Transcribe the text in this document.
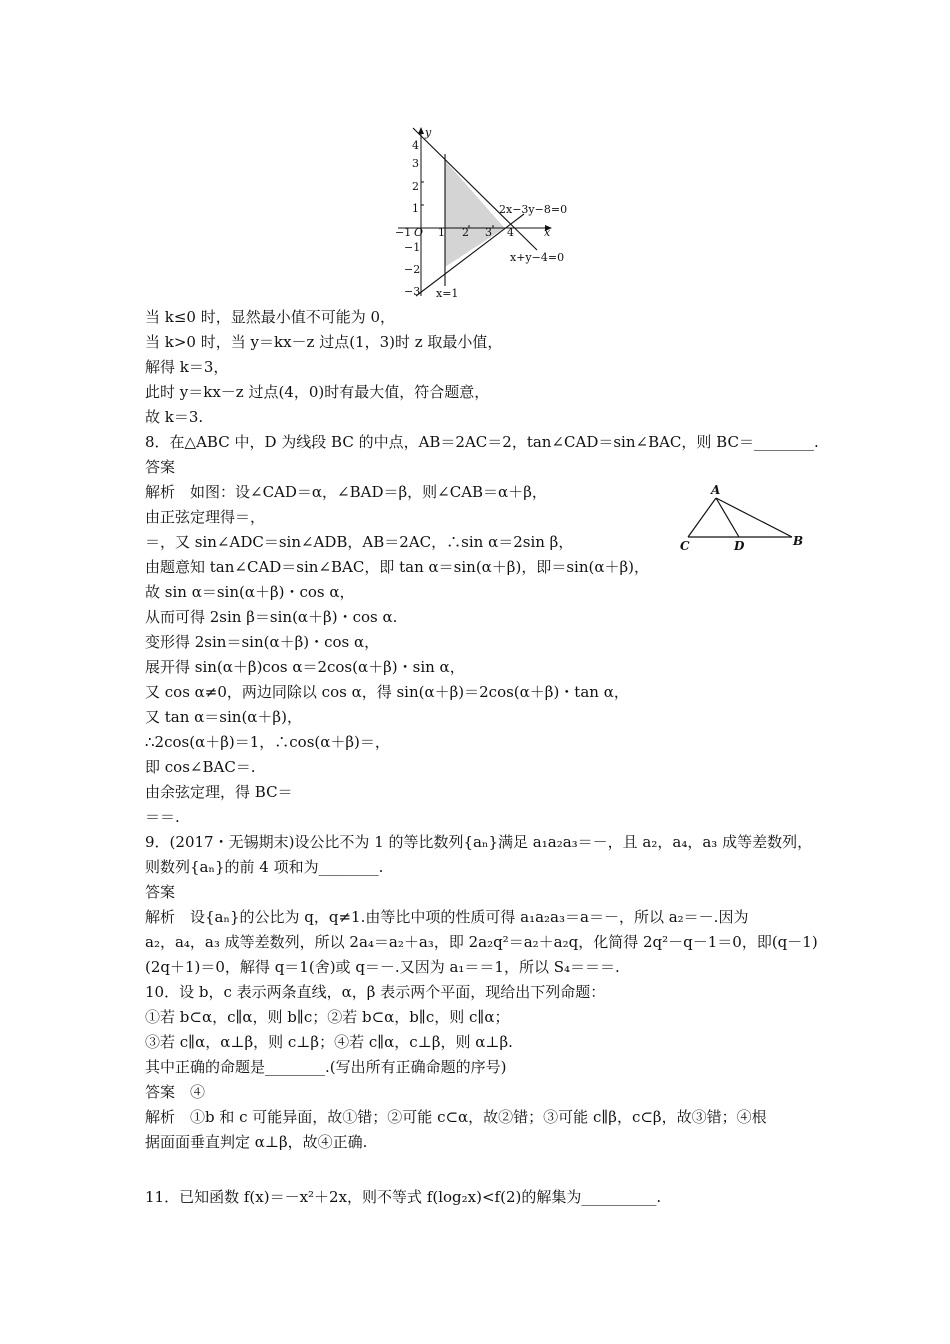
−1 O 1 2 3 4	x
y
4
3
2
1
−1
−2
−3
2x−3y−8=0
x+y−4=0
x=1
A
C	D	B
当 k≤0 时，显然最小值不可能为 0，
当 k>0 时，当 y＝kx－z 过点(1，3)时 z 取最小值，
解得 k＝3，
此时 y＝kx－z 过点(4，0)时有最大值，符合题意，
故 k＝3.
8．在△ABC 中，D 为线段 BC 的中点，AB＝2AC＝2，tan∠CAD＝sin∠BAC，则 BC＝________.
答案
解析　如图：设∠CAD＝α，∠BAD＝β，则∠CAB＝α＋β，
由正弦定理得＝，
＝，又 sin∠ADC＝sin∠ADB，AB＝2AC，∴sin α＝2sin β，
由题意知 tan∠CAD＝sin∠BAC，即 tan α＝sin(α＋β)，即＝sin(α＋β)，
故 sin α＝sin(α＋β)・cos α，
从而可得 2sin β＝sin(α＋β)・cos α.
变形得 2sin＝sin(α＋β)・cos α，
展开得 sin(α＋β)cos α＝2cos(α＋β)・sin α，
又 cos α≠0，两边同除以 cos α，得 sin(α＋β)＝2cos(α＋β)・tan α，
又 tan α＝sin(α＋β)，
∴2cos(α＋β)＝1，∴cos(α＋β)＝，
即 cos∠BAC＝.
由余弦定理，得 BC＝
＝＝.
9．(2017・无锡期末)设公比不为 1 的等比数列{aₙ}满足 a₁a₂a₃＝－，且 a₂，a₄，a₃ 成等差数列，
则数列{aₙ}的前 4 项和为________.
答案
解析　设{aₙ}的公比为 q，q≠1.由等比中项的性质可得 a₁a₂a₃＝a＝－，所以 a₂＝－.因为
a₂，a₄，a₃ 成等差数列，所以 2a₄＝a₂＋a₃，即 2a₂q²＝a₂＋a₂q，化简得 2q²－q－1＝0，即(q－1)
(2q＋1)＝0，解得 q＝1(舍)或 q＝－.又因为 a₁＝＝1，所以 S₄＝＝＝.
10．设 b，c 表示两条直线，α，β 表示两个平面，现给出下列命题：
①若 b⊂α，c∥α，则 b∥c；②若 b⊂α，b∥c，则 c∥α；
③若 c∥α，α⊥β，则 c⊥β；④若 c∥α，c⊥β，则 α⊥β.
其中正确的命题是________.(写出所有正确命题的序号)
答案　④
解析　①b 和 c 可能异面，故①错；②可能 c⊂α，故②错；③可能 c∥β，c⊂β，故③错；④根
据面面垂直判定 α⊥β，故④正确.
11．已知函数 f(x)＝－x²＋2x，则不等式 f(log₂x)<f(2)的解集为__________.
